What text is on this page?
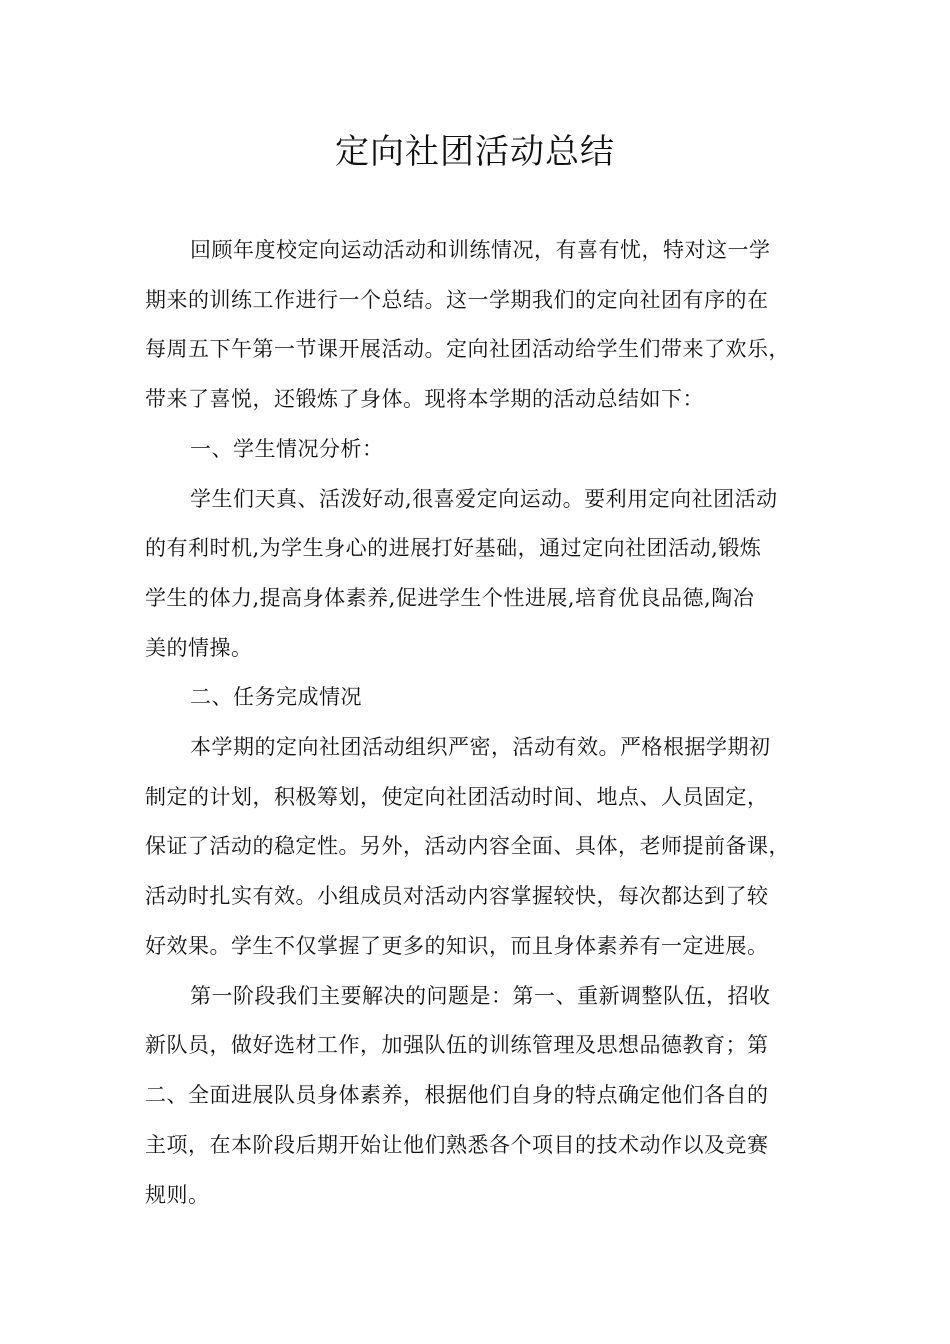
定向社团活动总结

回顾年度校定向运动活动和训练情况，有喜有忧，特对这一学

期来的训练工作进行一个总结。这一学期我们的定向社团有序的在

每周五下午第一节课开展活动。定向社团活动给学生们带来了欢乐，

带来了喜悦，还锻炼了身体。现将本学期的活动总结如下：

一、学生情况分析：

学生们天真、活泼好动,很喜爱定向运动。要利用定向社团活动

的有利时机,为学生身心的进展打好基础，通过定向社团活动,锻炼

学生的体力,提高身体素养,促进学生个性进展,培育优良品德,陶冶

美的情操。

二、任务完成情况

本学期的定向社团活动组织严密，活动有效。严格根据学期初

制定的计划，积极筹划，使定向社团活动时间、地点、人员固定，

保证了活动的稳定性。另外，活动内容全面、具体，老师提前备课，

活动时扎实有效。小组成员对活动内容掌握较快，每次都达到了较

好效果。学生不仅掌握了更多的知识，而且身体素养有一定进展。

第一阶段我们主要解决的问题是：第一、重新调整队伍，招收

新队员，做好选材工作，加强队伍的训练管理及思想品德教育；第

二、全面进展队员身体素养，根据他们自身的特点确定他们各自的

主项，在本阶段后期开始让他们熟悉各个项目的技术动作以及竞赛

规则。
